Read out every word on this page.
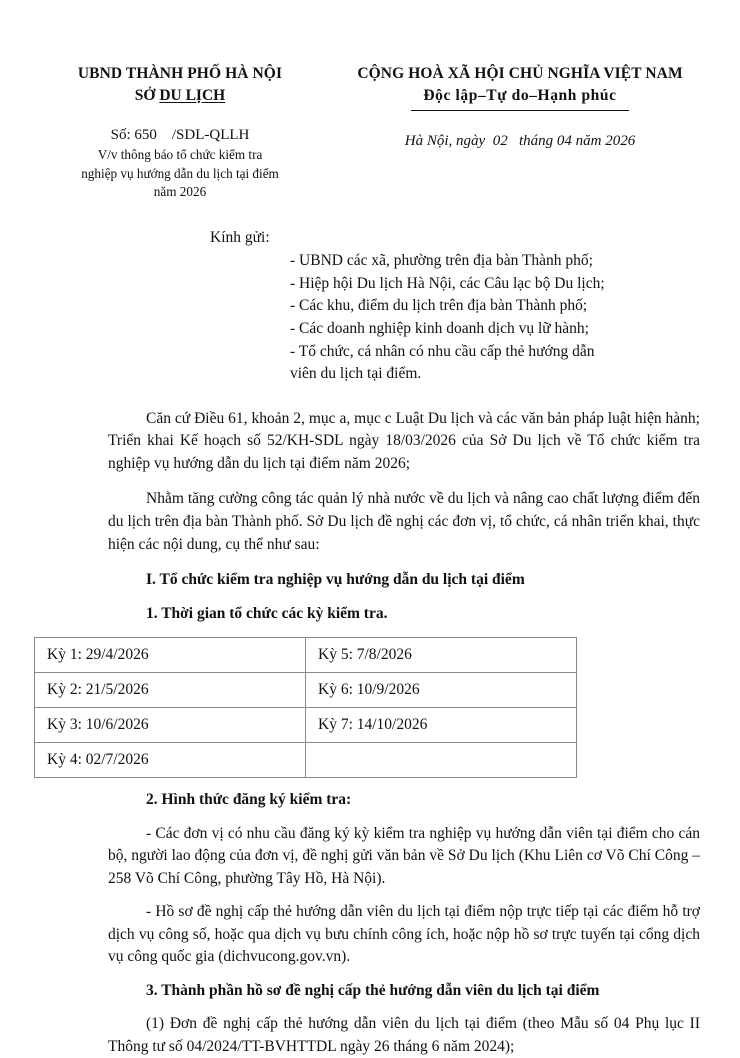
UBND THÀNH PHỐ HÀ NỘI
SỞ DU LỊCH
Số: 650    /SDL-QLLH
V/v thông báo tổ chức kiểm tra
nghiệp vụ hướng dẫn du lịch tại điểm
năm 2026
CỘNG HOÀ XÃ HỘI CHỦ NGHĨA VIỆT NAM
Độc lập–Tự do–Hạnh phúc
Hà Nội, ngày  02   tháng 04 năm 2026
Kính gửi:
- UBND các xã, phường trên địa bàn Thành phố;
- Hiệp hội Du lịch Hà Nội, các Câu lạc bộ Du lịch;
- Các khu, điểm du lịch trên địa bàn Thành phố;
- Các doanh nghiệp kinh doanh dịch vụ lữ hành;
- Tổ chức, cá nhân có nhu cầu cấp thẻ hướng dẫn
viên du lịch tại điểm.
Căn cứ Điều 61, khoản 2, mục a, mục c Luật Du lịch và các văn bản pháp luật hiện hành; Triển khai Kế hoạch số 52/KH-SDL ngày 18/03/2026 của Sở Du lịch về Tổ chức kiểm tra nghiệp vụ hướng dẫn du lịch tại điểm năm 2026;
Nhằm tăng cường công tác quản lý nhà nước về du lịch và nâng cao chất lượng điểm đến du lịch trên địa bàn Thành phố. Sở Du lịch đề nghị các đơn vị, tổ chức, cá nhân triển khai, thực hiện các nội dung, cụ thể như sau:
I. Tổ chức kiểm tra nghiệp vụ hướng dẫn du lịch tại điểm
1. Thời gian tổ chức các kỳ kiểm tra.
Kỳ 1: 29/4/2026	Kỳ 5: 7/8/2026
Kỳ 2: 21/5/2026	Kỳ 6: 10/9/2026
Kỳ 3: 10/6/2026	Kỳ 7: 14/10/2026
Kỳ 4: 02/7/2026	
2. Hình thức đăng ký kiểm tra:
- Các đơn vị có nhu cầu đăng ký kỳ kiểm tra nghiệp vụ hướng dẫn viên tại điểm cho cán bộ, người lao động của đơn vị, đề nghị gửi văn bản về Sở Du lịch (Khu Liên cơ Võ Chí Công – 258 Võ Chí Công, phường Tây Hồ, Hà Nội).
- Hồ sơ đề nghị cấp thẻ hướng dẫn viên du lịch tại điểm nộp trực tiếp tại các điểm hỗ trợ dịch vụ công số, hoặc qua dịch vụ bưu chính công ích, hoặc nộp hồ sơ trực tuyến tại cổng dịch vụ công quốc gia (dichvucong.gov.vn).
3. Thành phần hồ sơ đề nghị cấp thẻ hướng dẫn viên du lịch tại điểm
(1) Đơn đề nghị cấp thẻ hướng dẫn viên du lịch tại điểm (theo Mẫu số 04 Phụ lục II Thông tư số 04/2024/TT-BVHTTDL ngày 26 tháng 6 năm 2024);
